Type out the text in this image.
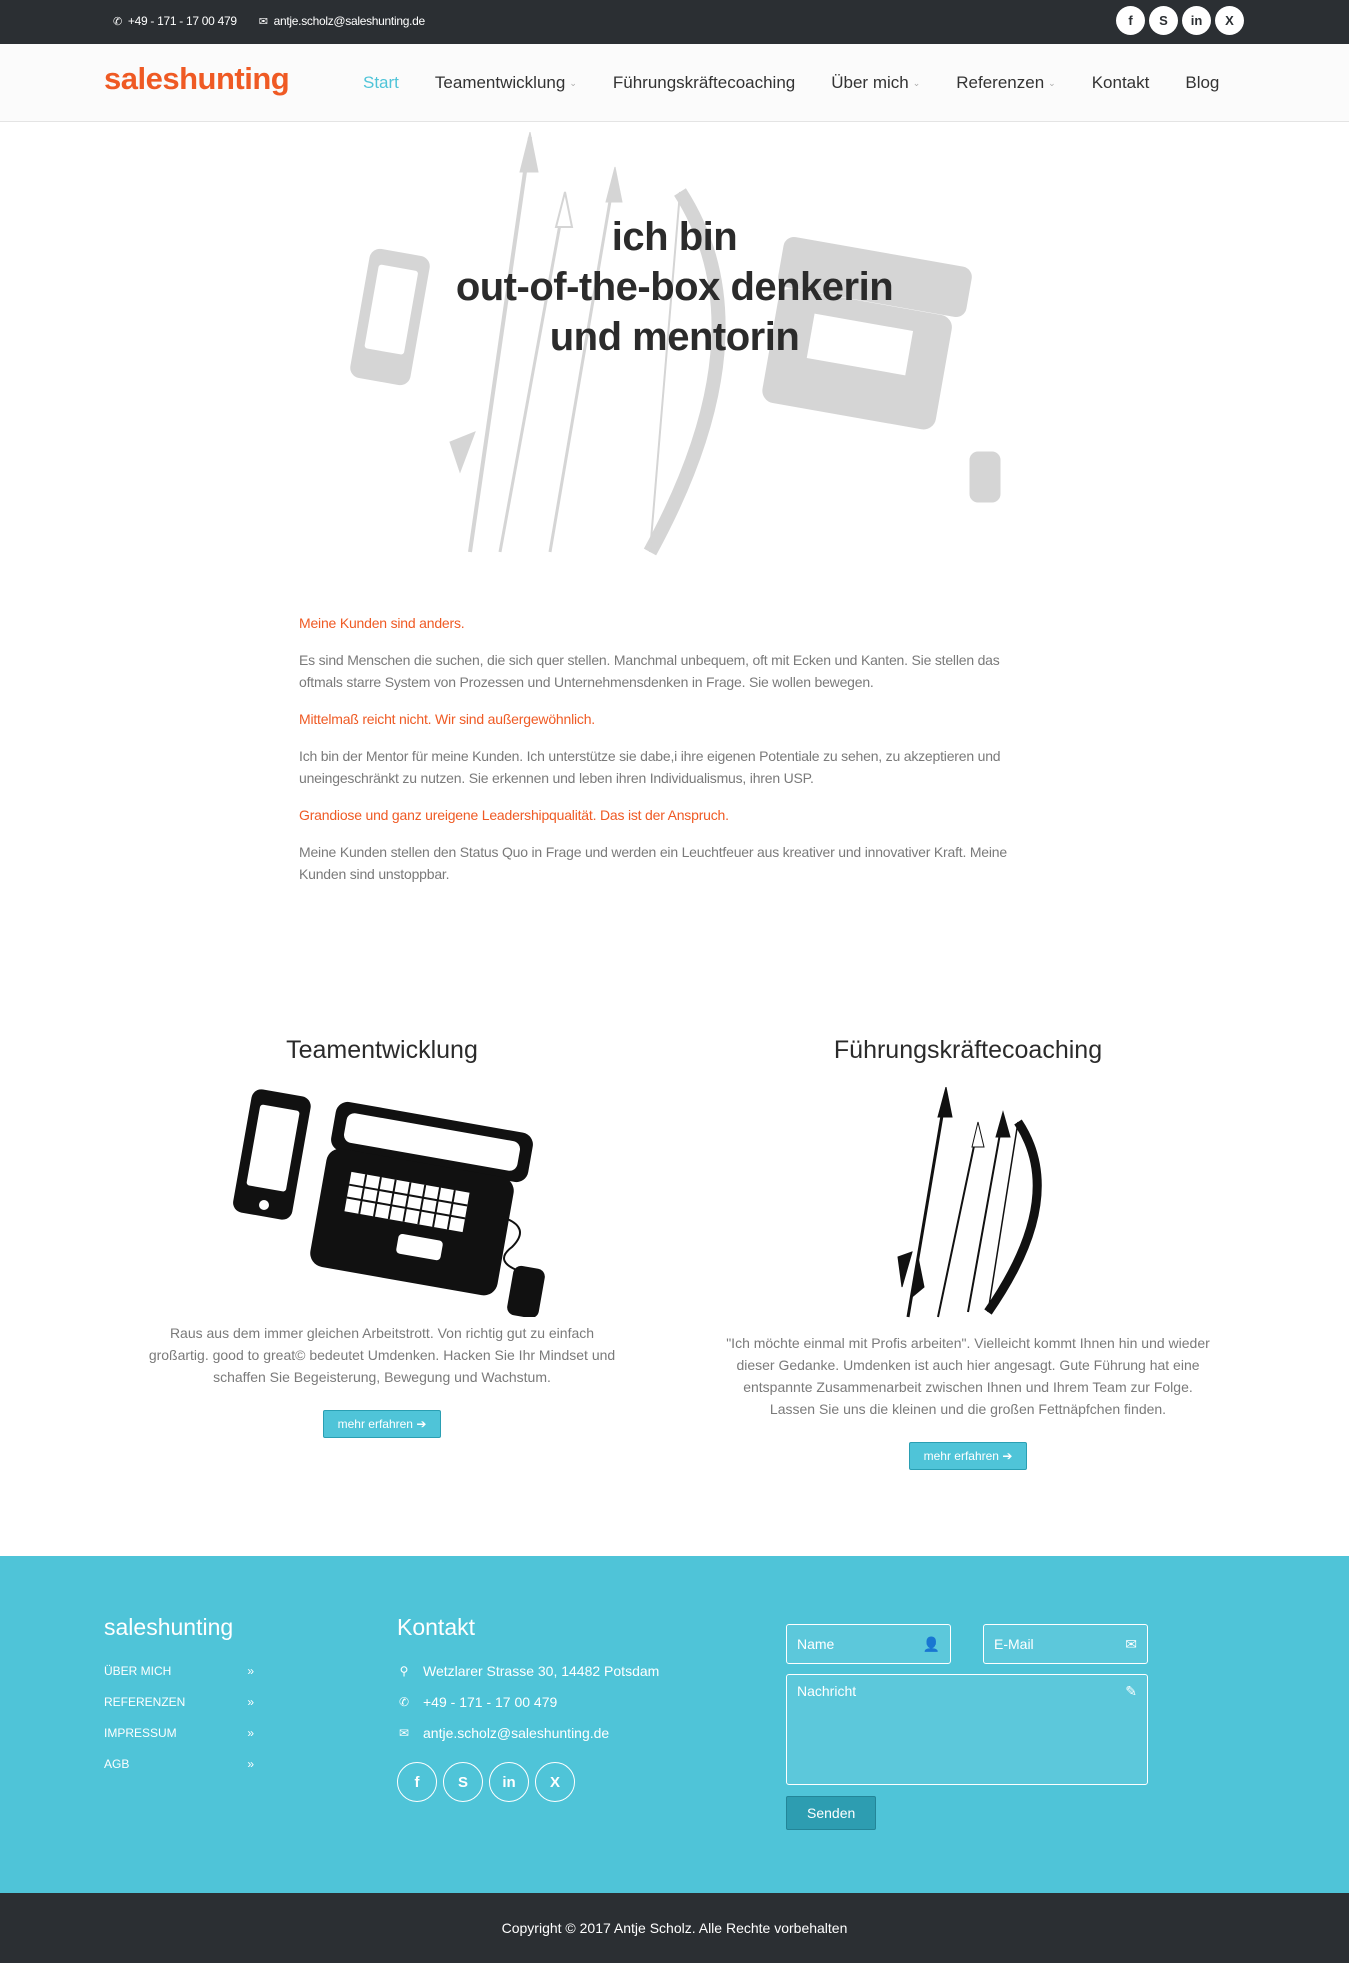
✆ +49 - 171 - 17 00 479 ✉ antje.scholz@saleshunting.de	f	S	in	X
saleshunting	Start Teamentwicklung ⌄ Führungskräftecoaching Über mich ⌄ Referenzen ⌄ Kontakt Blog
ich bin
out-of-the-box denkerin
und mentorin

Meine Kunden sind anders.

Es sind Menschen die suchen, die sich quer stellen. Manchmal unbequem, oft mit Ecken und Kanten. Sie stellen das oftmals starre System von Prozessen und Unternehmensdenken in Frage. Sie wollen bewegen.

Mittelmaß reicht nicht. Wir sind außergewöhnlich.

Ich bin der Mentor für meine Kunden. Ich unterstütze sie dabe,i ihre eigenen Potentiale zu sehen, zu akzeptieren und uneingeschränkt zu nutzen. Sie erkennen und leben ihren Individualismus, ihren USP.

Grandiose und ganz ureigene Leadershipqualität. Das ist der Anspruch.

Meine Kunden stellen den Status Quo in Frage und werden ein Leuchtfeuer aus kreativer und innovativer Kraft. Meine Kunden sind unstoppbar.

Teamentwicklung

Raus aus dem immer gleichen Arbeitstrott. Von richtig gut zu einfach großartig. good to great© bedeutet Umdenken. Hacken Sie Ihr Mindset und schaffen Sie Begeisterung, Bewegung und Wachstum.

mehr erfahren ➔
Führungskräftecoaching

"Ich möchte einmal mit Profis arbeiten". Vielleicht kommt Ihnen hin und wieder dieser Gedanke. Umdenken ist auch hier angesagt. Gute Führung hat eine entspannte Zusammenarbeit zwischen Ihnen und Ihrem Team zur Folge. Lassen Sie uns die kleinen und die großen Fettnäpfchen finden.

mehr erfahren ➔
saleshunting
ÜBER MICH	»
REFERENZEN	»
IMPRESSUM	»
AGB	»
Kontakt
⚲ Wetzlarer Strasse 30, 14482 Potsdam
✆ +49 - 171 - 17 00 479
✉ antje.scholz@saleshunting.de
f	S	in	X
Name	👤	E-Mail	✉
Nachricht	✎
Senden
Copyright © 2017 Antje Scholz. Alle Rechte vorbehalten
